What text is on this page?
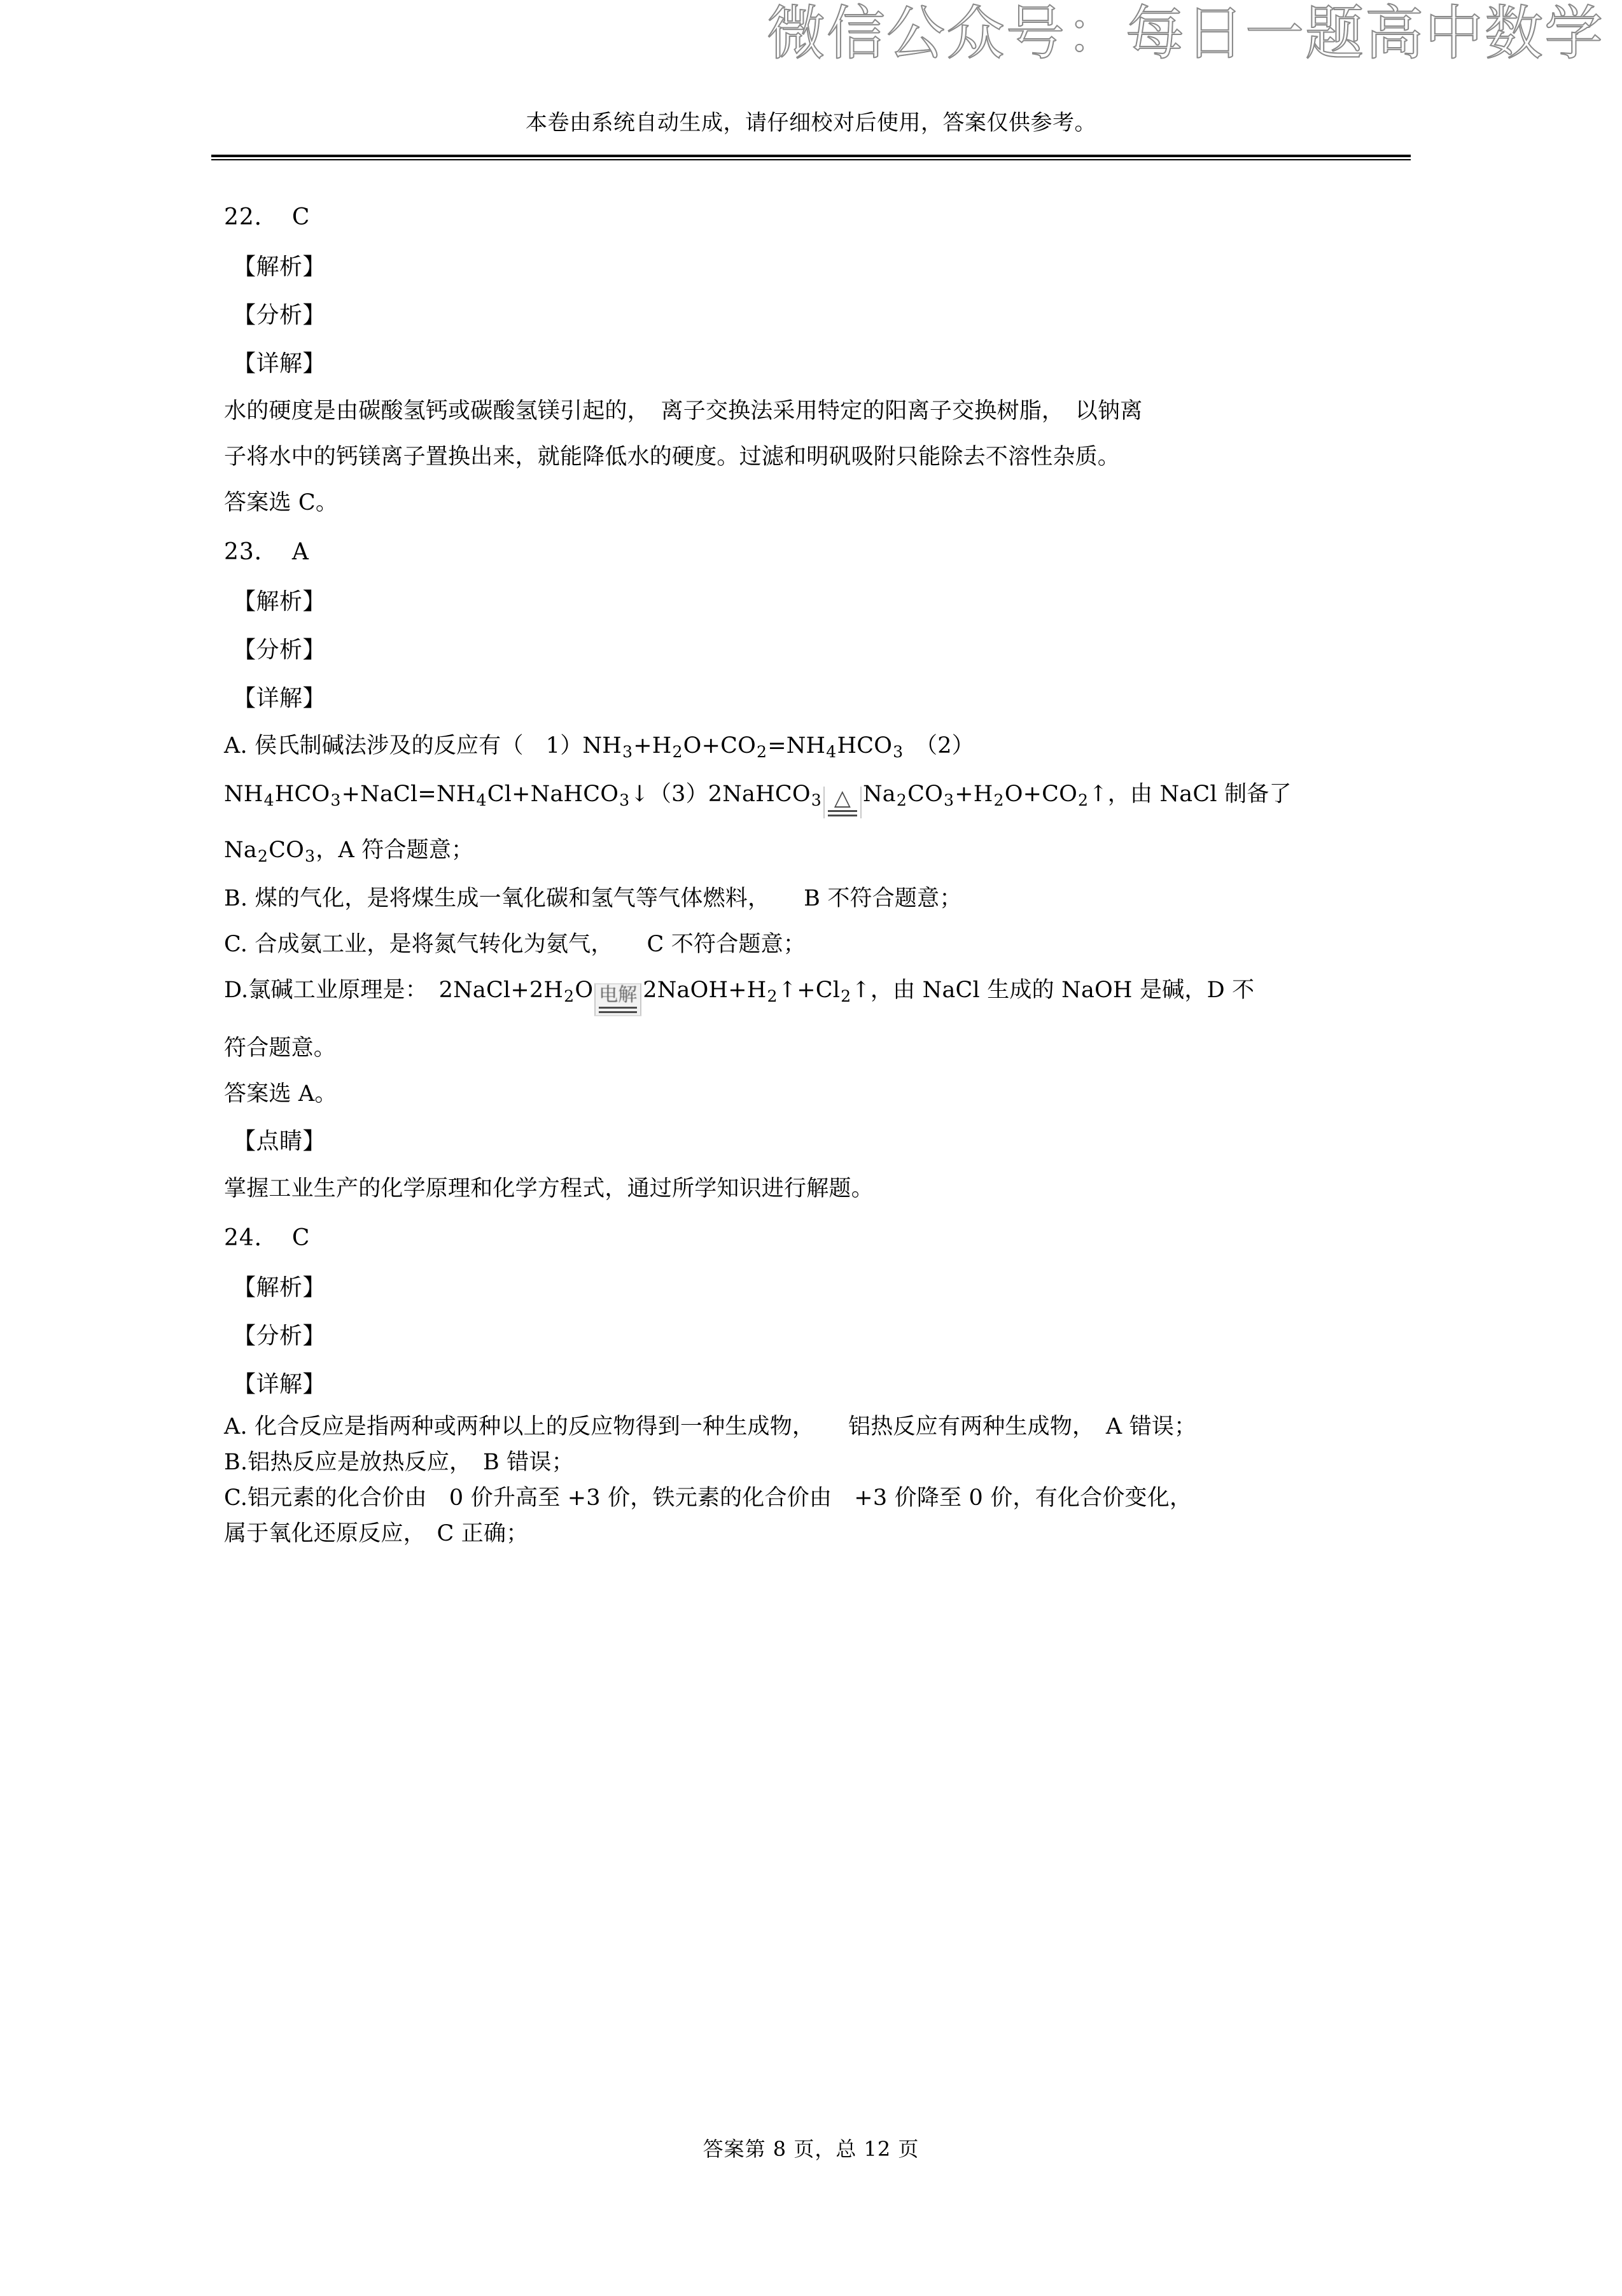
微信公众号：每日一题高中数学
本卷由系统自动生成，请仔细校对后使用，答案仅供参考。
22． C
【解析】
【分析】
【详解】
水的硬度是由碳酸氢钙或碳酸氢镁引起的，　离子交换法采用特定的阳离子交换树脂，　以钠离
子将水中的钙镁离子置换出来，就能降低水的硬度。过滤和明矾吸附只能除去不溶性杂质。
答案选 C。
23． A
【解析】
【分析】
【详解】
A. 侯氏制碱法涉及的反应有（　$1)NH_3+H_2O+CO_2=NH_4HCO_3$　（2）
$NH_4HCO_3+NaCl=NH_4Cl+NaHCO_3↓(3)2NaHCO_3$ △ $Na_2CO_3+H_2O+CO_2↑$，由 NaCl 制备了
$Na_2CO_3$，A 符合题意；
B. 煤的气化，是将煤生成一氧化碳和氢气等气体燃料，　　B 不符合题意；
C. 合成氨工业，是将氮气转化为氨气，　　C 不符合题意；
D.氯碱工业原理是：　$2NaCl+2H_2O$ 电解 $2NaOH+H_2↑+Cl_2↑$，由 NaCl 生成的 NaOH 是碱，D 不
符合题意。
答案选 A。
【点睛】
掌握工业生产的化学原理和化学方程式，通过所学知识进行解题。
24． C
【解析】
【分析】
【详解】
A. 化合反应是指两种或两种以上的反应物得到一种生成物，　　铝热反应有两种生成物，　A 错误；
B.铝热反应是放热反应，　B 错误；
C.铝元素的化合价由　0 价升高至 +3 价，铁元素的化合价由　+3 价降至 0 价，有化合价变化，
属于氧化还原反应，　C 正确；
答案第 8 页，总 12 页
